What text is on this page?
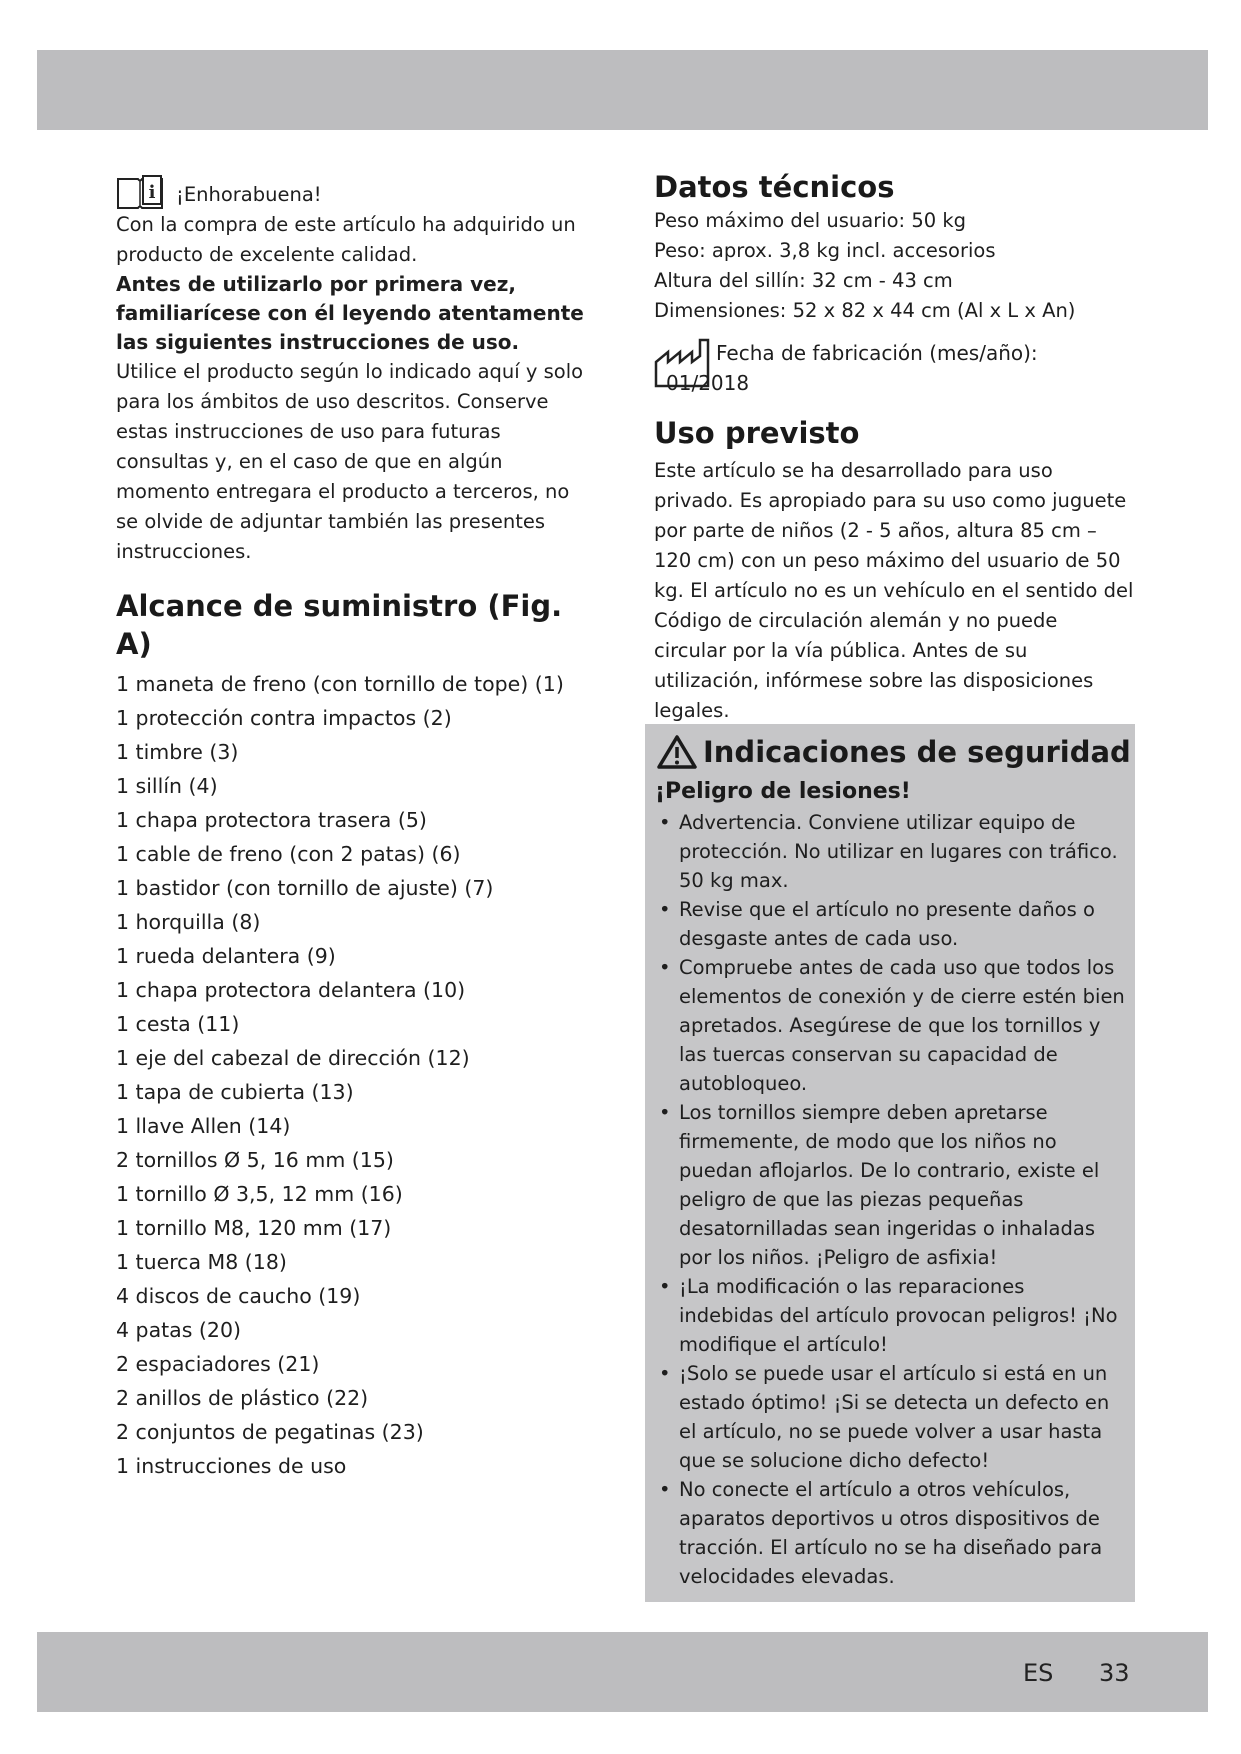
i ¡Enhorabuena!

Con la compra de este artículo ha adquirido un producto de excelente calidad.

Antes de utilizarlo por primera vez, familiarícese con él leyendo atentamente las siguientes instrucciones de uso.

Utilice el producto según lo indicado aquí y solo para los ámbitos de uso descritos. Conserve estas instrucciones de uso para futuras consultas y, en el caso de que en algún momento entregara el producto a terceros, no se olvide de adjuntar también las presentes instrucciones.

Alcance de suministro (Fig. A)
1 maneta de freno (con tornillo de tope) (1)
1 protección contra impactos (2)
1 timbre (3)
1 sillín (4)
1 chapa protectora trasera (5)
1 cable de freno (con 2 patas) (6)
1 bastidor (con tornillo de ajuste) (7)
1 horquilla (8)
1 rueda delantera (9)
1 chapa protectora delantera (10)
1 cesta (11)
1 eje del cabezal de dirección (12)
1 tapa de cubierta (13)
1 llave Allen (14)
2 tornillos Ø 5, 16 mm (15)
1 tornillo Ø 3,5, 12 mm (16)
1 tornillo M8, 120 mm (17)
1 tuerca M8 (18)
4 discos de caucho (19)
4 patas (20)
2 espaciadores (21)
2 anillos de plástico (22)
2 conjuntos de pegatinas (23)
1 instrucciones de uso
Datos técnicos

Peso máximo del usuario: 50 kg

Peso: aprox. 3,8 kg incl. accesorios

Altura del sillín: 32 cm - 43 cm

Dimensiones: 52 x 82 x 44 cm (Al x L x An)

Fecha de fabricación (mes/año):
01/2018
Uso previsto

Este artículo se ha desarrollado para uso privado. Es apropiado para su uso como juguete por parte de niños (2 - 5 años, altura 85 cm – 120 cm) con un peso máximo del usuario de 50 kg. El artículo no es un vehículo en el sentido del Código de circulación alemán y no puede circular por la vía pública. Antes de su utilización, infórmese sobre las disposiciones legales.

Indicaciones de seguridad

¡Peligro de lesiones!

• Advertencia. Conviene utilizar equipo de protección. No utilizar en lugares con tráfico. 50 kg max.
• Revise que el artículo no presente daños o desgaste antes de cada uso.
• Compruebe antes de cada uso que todos los elementos de conexión y de cierre estén bien apretados. Asegúrese de que los tornillos y las tuercas conservan su capacidad de autobloqueo.
• Los tornillos siempre deben apretarse firmemente, de modo que los niños no puedan aflojarlos. De lo contrario, existe el peligro de que las piezas pequeñas desatornilladas sean ingeridas o inhaladas por los niños. ¡Peligro de asfixia!
• ¡La modificación o las reparaciones indebidas del artículo provocan peligros! ¡No modifique el artículo!
• ¡Solo se puede usar el artículo si está en un estado óptimo! ¡Si se detecta un defecto en el artículo, no se puede volver a usar hasta que se solucione dicho defecto!
• No conecte el artículo a otros vehículos, aparatos deportivos u otros dispositivos de tracción. El artículo no se ha diseñado para velocidades elevadas.
ES 33
